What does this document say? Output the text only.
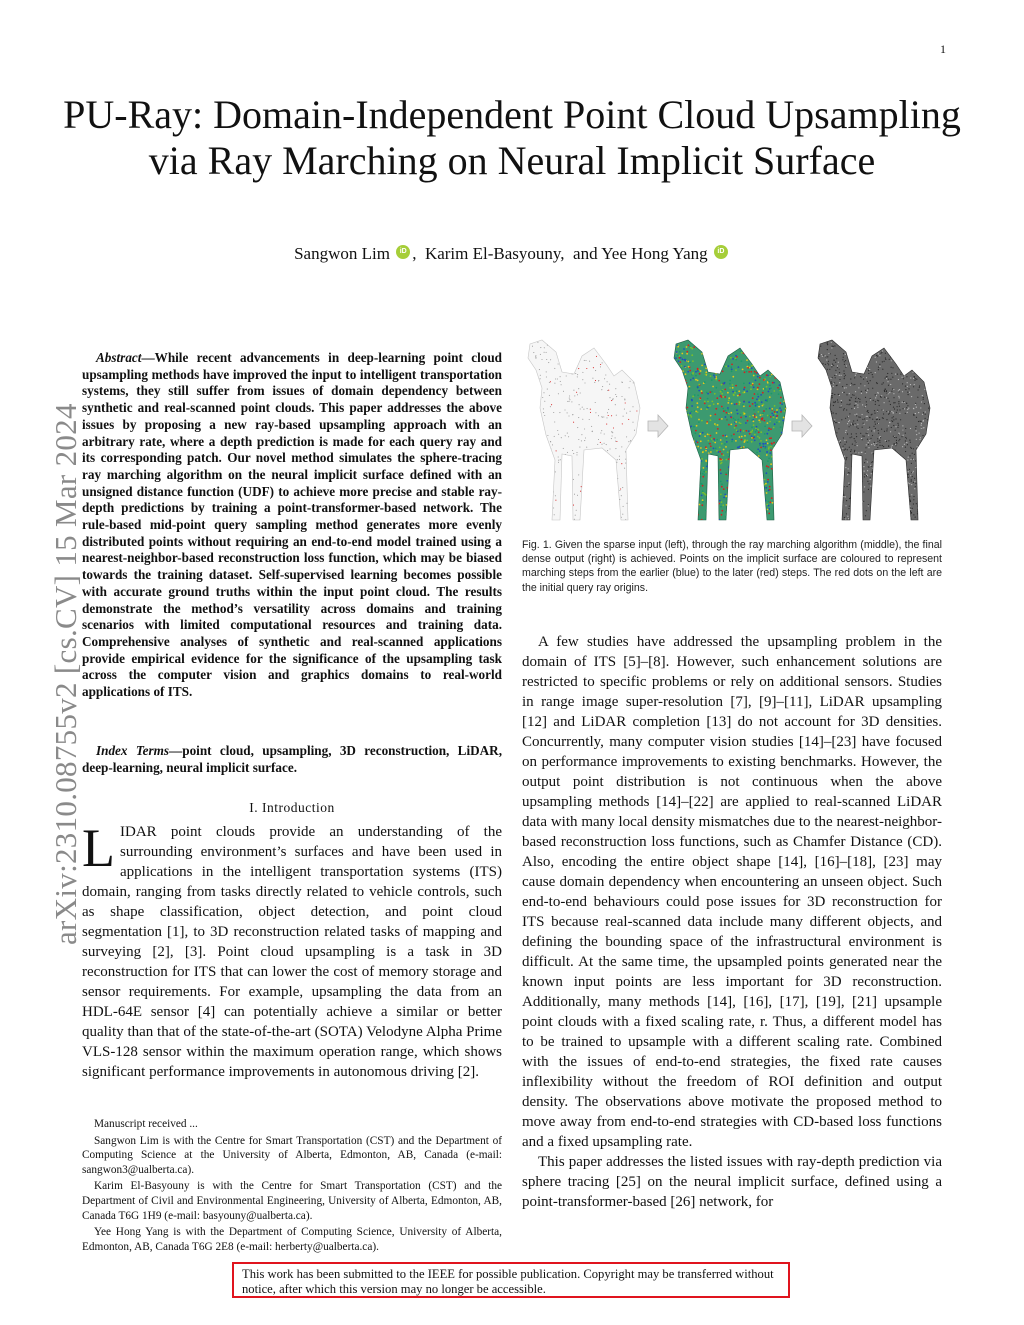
1
PU-Ray: Domain-Independent Point Cloud Upsampling via Ray Marching on Neural Implicit Surface
Sangwon Lim iD , Karim El-Basyouny, and Yee Hong Yang iD
arXiv:2310.08755v2 [cs.CV] 15 Mar 2024
Abstract—While recent advancements in deep-learning point cloud upsampling methods have improved the input to intelligent transportation systems, they still suffer from issues of domain dependency between synthetic and real-scanned point clouds. This paper addresses the above issues by proposing a new ray-based upsampling approach with an arbitrary rate, where a depth prediction is made for each query ray and its corresponding patch. Our novel method simulates the sphere-tracing ray marching algorithm on the neural implicit surface defined with an unsigned distance function (UDF) to achieve more precise and stable ray-depth predictions by training a point-transformer-based network. The rule-based mid-point query sampling method generates more evenly distributed points without requiring an end-to-end model trained using a nearest-neighbor-based reconstruction loss function, which may be biased towards the training dataset. Self-supervised learning becomes possible with accurate ground truths within the input point cloud. The results demonstrate the method’s versatility across domains and training scenarios with limited computational resources and training data. Comprehensive analyses of synthetic and real-scanned applications provide empirical evidence for the significance of the upsampling task across the computer vision and graphics domains to real-world applications of ITS.
Index Terms—point cloud, upsampling, 3D reconstruction, LiDAR, deep-learning, neural implicit surface.
I. Introduction
LIDAR point clouds provide an understanding of the surrounding environment’s surfaces and have been used in applications in the intelligent transportation systems (ITS) domain, ranging from tasks directly related to vehicle controls, such as shape classification, object detection, and point cloud segmentation [1], to 3D reconstruction related tasks of mapping and surveying [2], [3]. Point cloud upsampling is a task in 3D reconstruction for ITS that can lower the cost of memory storage and sensor requirements. For example, upsampling the data from an HDL-64E sensor [4] can potentially achieve a similar or better quality than that of the state-of-the-art (SOTA) Velodyne Alpha Prime VLS-128 sensor within the maximum operation range, which shows significant performance improvements in autonomous driving [2].

Manuscript received ...

Sangwon Lim is with the Centre for Smart Transportation (CST) and the Department of Computing Science at the University of Alberta, Edmonton, AB, Canada (e-mail: sangwon3@ualberta.ca).

Karim El-Basyouny is with the Centre for Smart Transportation (CST) and the Department of Civil and Environmental Engineering, University of Alberta, Edmonton, AB, Canada T6G 1H9 (e-mail: basyouny@ualberta.ca).

Yee Hong Yang is with the Department of Computing Science, University of Alberta, Edmonton, AB, Canada T6G 2E8 (e-mail: herberty@ualberta.ca).

Fig. 1. Given the sparse input (left), through the ray marching algorithm (middle), the final dense output (right) is achieved. Points on the implicit surface are coloured to represent marching steps from the earlier (blue) to the later (red) steps. The red dots on the left are the initial query ray origins.

A few studies have addressed the upsampling problem in the domain of ITS [5]–[8]. However, such enhancement solutions are restricted to specific problems or rely on additional sensors. Studies in range image super-resolution [7], [9]–[11], LiDAR upsampling [12] and LiDAR completion [13] do not account for 3D densities. Concurrently, many computer vision studies [14]–[23] have focused on performance improvements to existing benchmarks. However, the output point distribution is not continuous when the above upsampling methods [14]–[22] are applied to real-scanned LiDAR data with many local density mismatches due to the nearest-neighbor-based reconstruction loss functions, such as Chamfer Distance (CD). Also, encoding the entire object shape [14], [16]–[18], [23] may cause domain dependency when encountering an unseen object. Such end-to-end behaviours could pose issues for 3D reconstruction for ITS because real-scanned data include many different objects, and defining the bounding space of the infrastructural environment is difficult. At the same time, the upsampled points generated near the known input points are less important for 3D reconstruction. Additionally, many methods [14], [16], [17], [19], [21] upsample point clouds with a fixed scaling rate, r. Thus, a different model has to be trained to upsample with a different scaling rate. Combined with the issues of end-to-end strategies, the fixed rate causes inflexibility without the freedom of ROI definition and output density. The observations above motivate the proposed method to move away from end-to-end strategies with CD-based loss functions and a fixed upsampling rate.

This paper addresses the listed issues with ray-depth prediction via sphere tracing [25] on the neural implicit surface, defined using a point-transformer-based [26] network, for

This work has been submitted to the IEEE for possible publication. Copyright may be transferred without notice, after which this version may no longer be accessible.
